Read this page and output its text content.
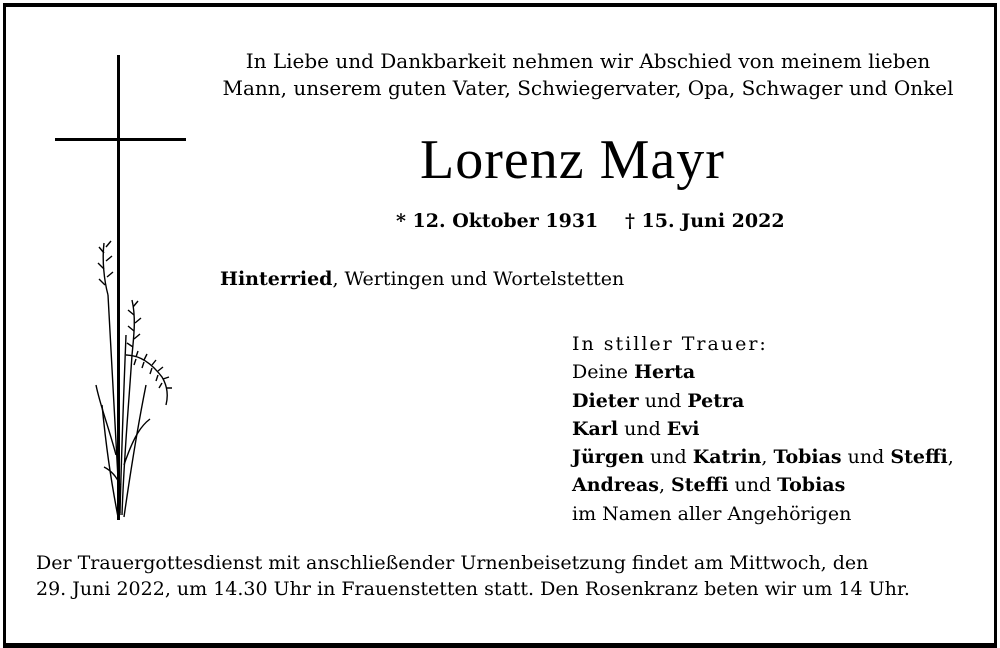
In Liebe und Dankbarkeit nehmen wir Abschied von meinem lieben
Mann, unserem guten Vater, Schwiegervater, Opa, Schwager und Onkel
Lorenz Mayr
* 12. Oktober 1931 † 15. Juni 2022
Hinterried, Wertingen und Wortelstetten
In stiller Trauer:
Deine Herta
Dieter und Petra
Karl und Evi
Jürgen und Katrin, Tobias und Steffi,
Andreas, Steffi und Tobias
im Namen aller Angehörigen
Der Trauergottesdienst mit anschließender Urnenbeisetzung findet am Mittwoch, den
29. Juni 2022, um 14.30 Uhr in Frauenstetten statt. Den Rosenkranz beten wir um 14 Uhr.
